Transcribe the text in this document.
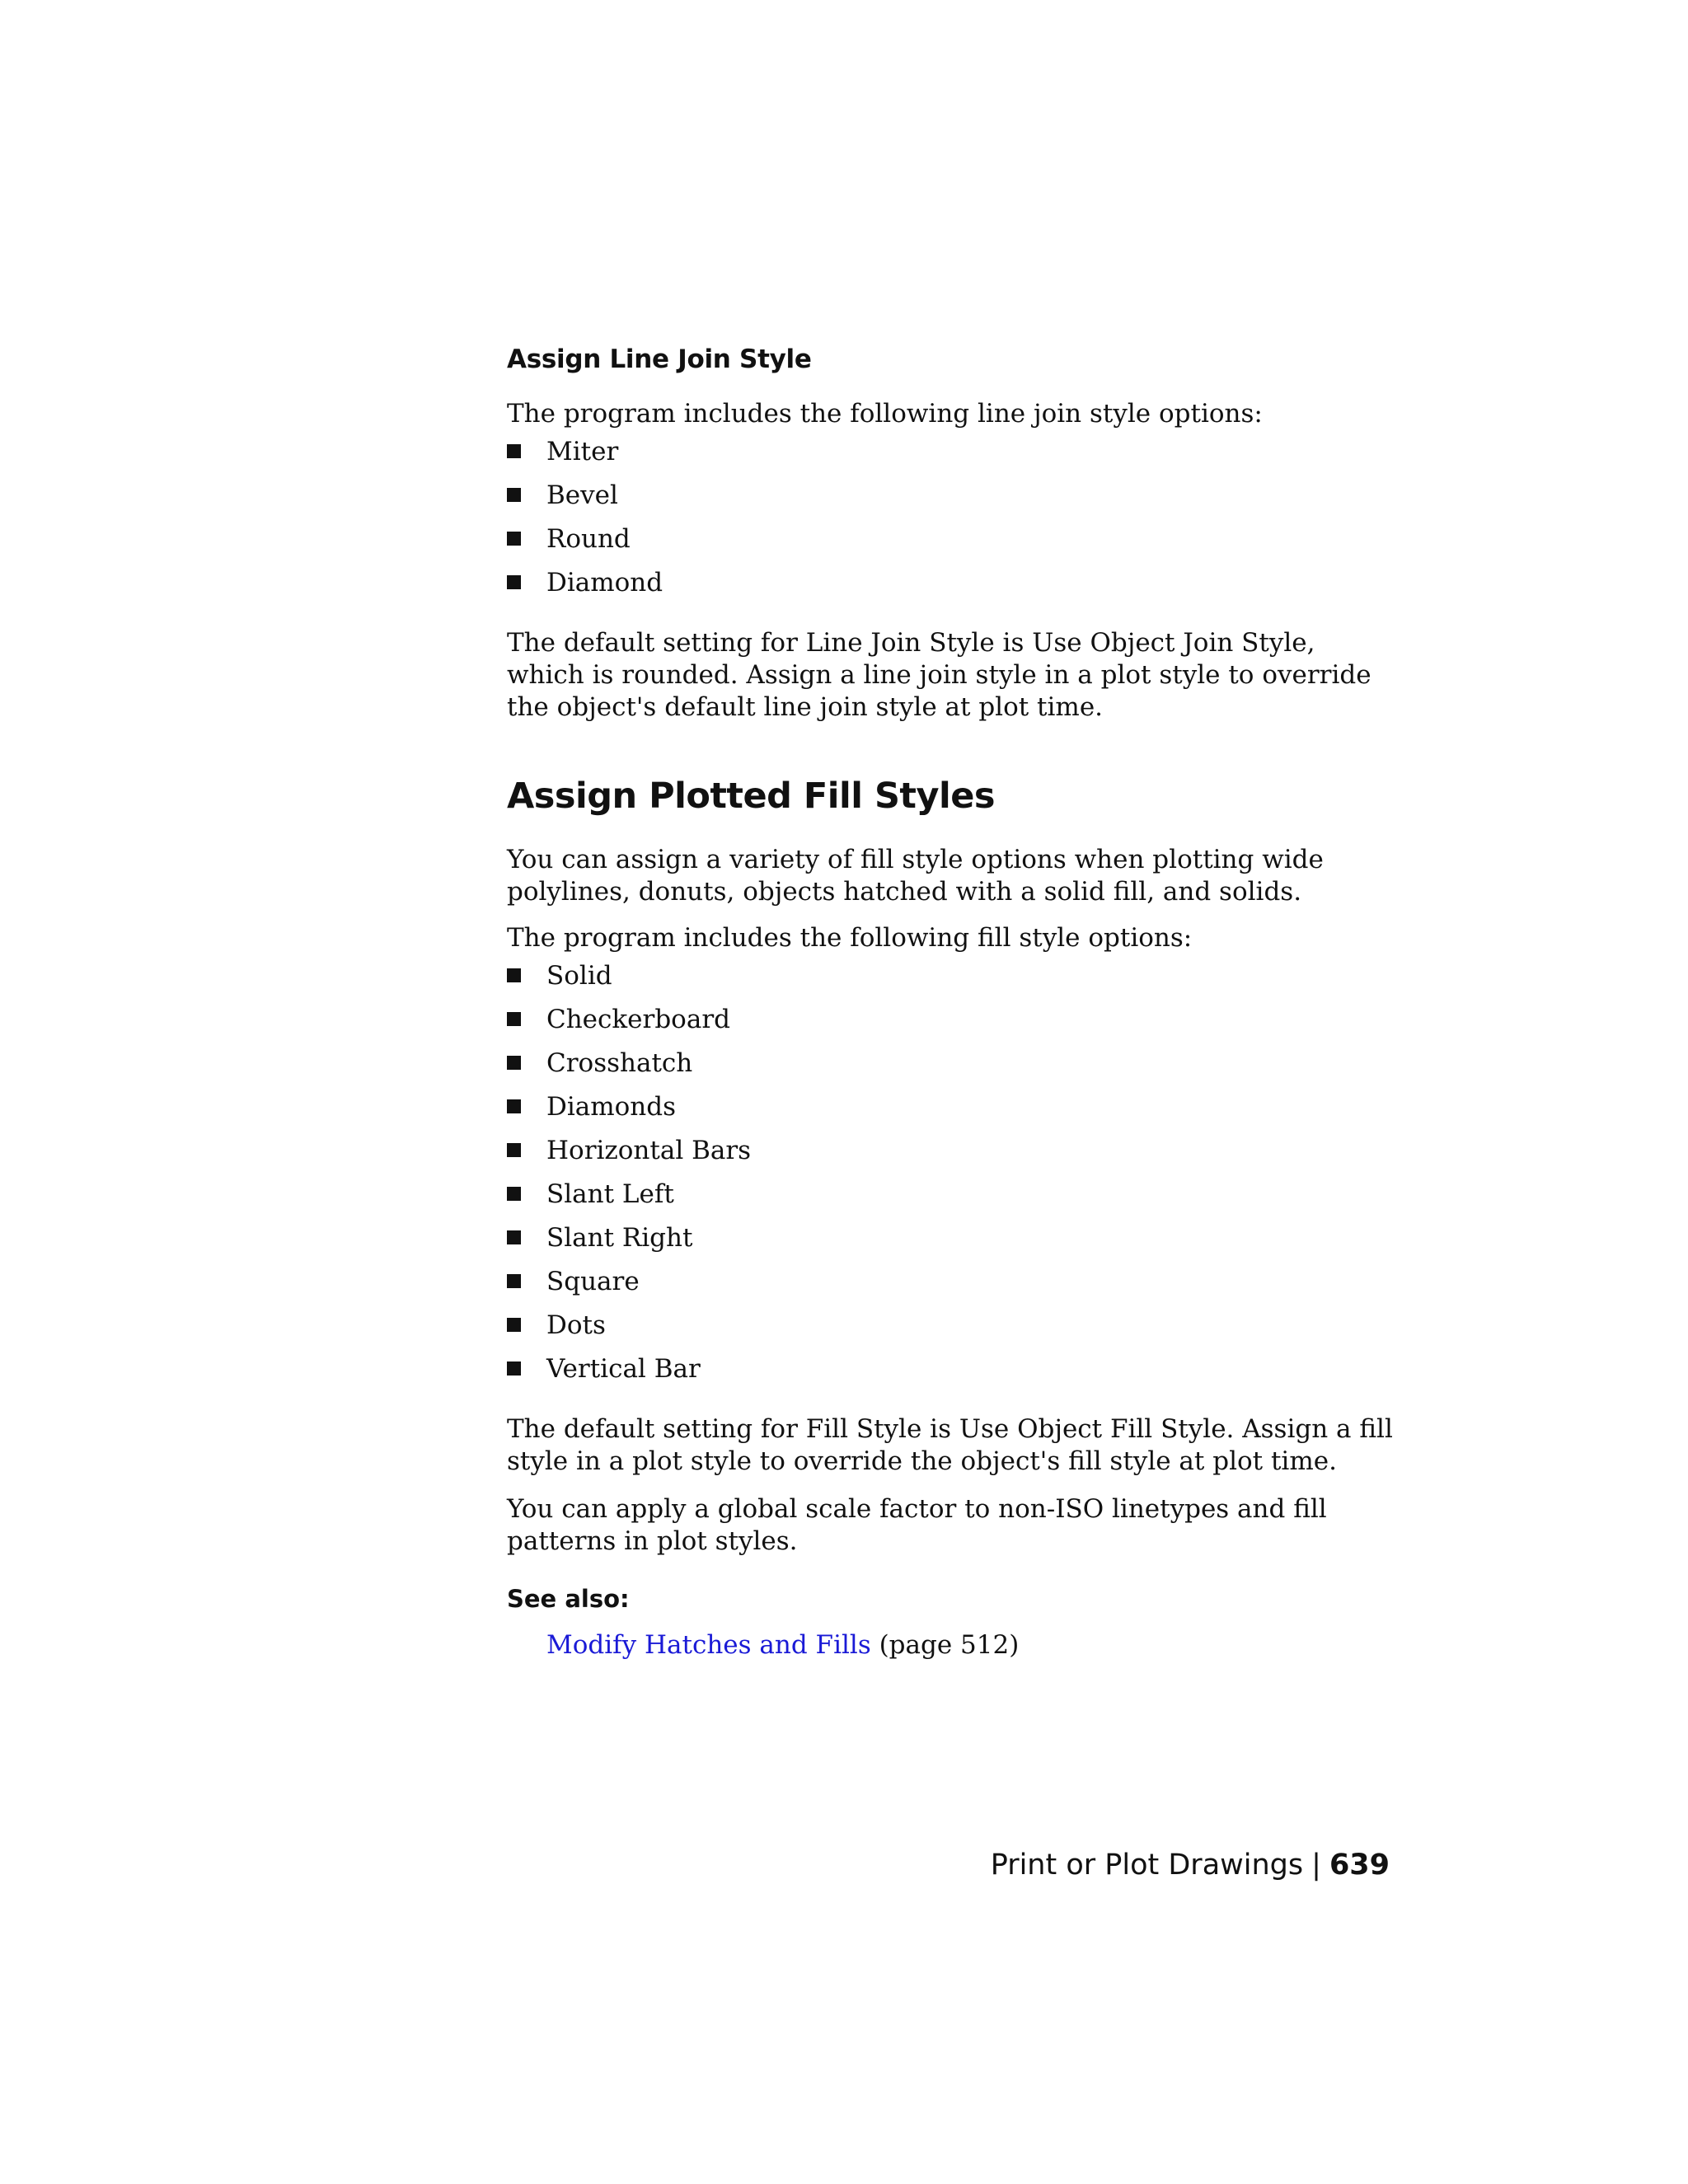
Assign Line Join Style

The program includes the following line join style options:

Miter
Bevel
Round
Diamond

The default setting for Line Join Style is Use Object Join Style, which is rounded. Assign a line join style in a plot style to override the object's default line join style at plot time.

Assign Plotted Fill Styles

You can assign a variety of fill style options when plotting wide polylines, donuts, objects hatched with a solid fill, and solids.

The program includes the following fill style options:

Solid
Checkerboard
Crosshatch
Diamonds
Horizontal Bars
Slant Left
Slant Right
Square
Dots
Vertical Bar

The default setting for Fill Style is Use Object Fill Style. Assign a fill style in a plot style to override the object's fill style at plot time.

You can apply a global scale factor to non-ISO linetypes and fill patterns in plot styles.

See also:
Modify Hatches and Fills (page 512)
Print or Plot Drawings | 639
